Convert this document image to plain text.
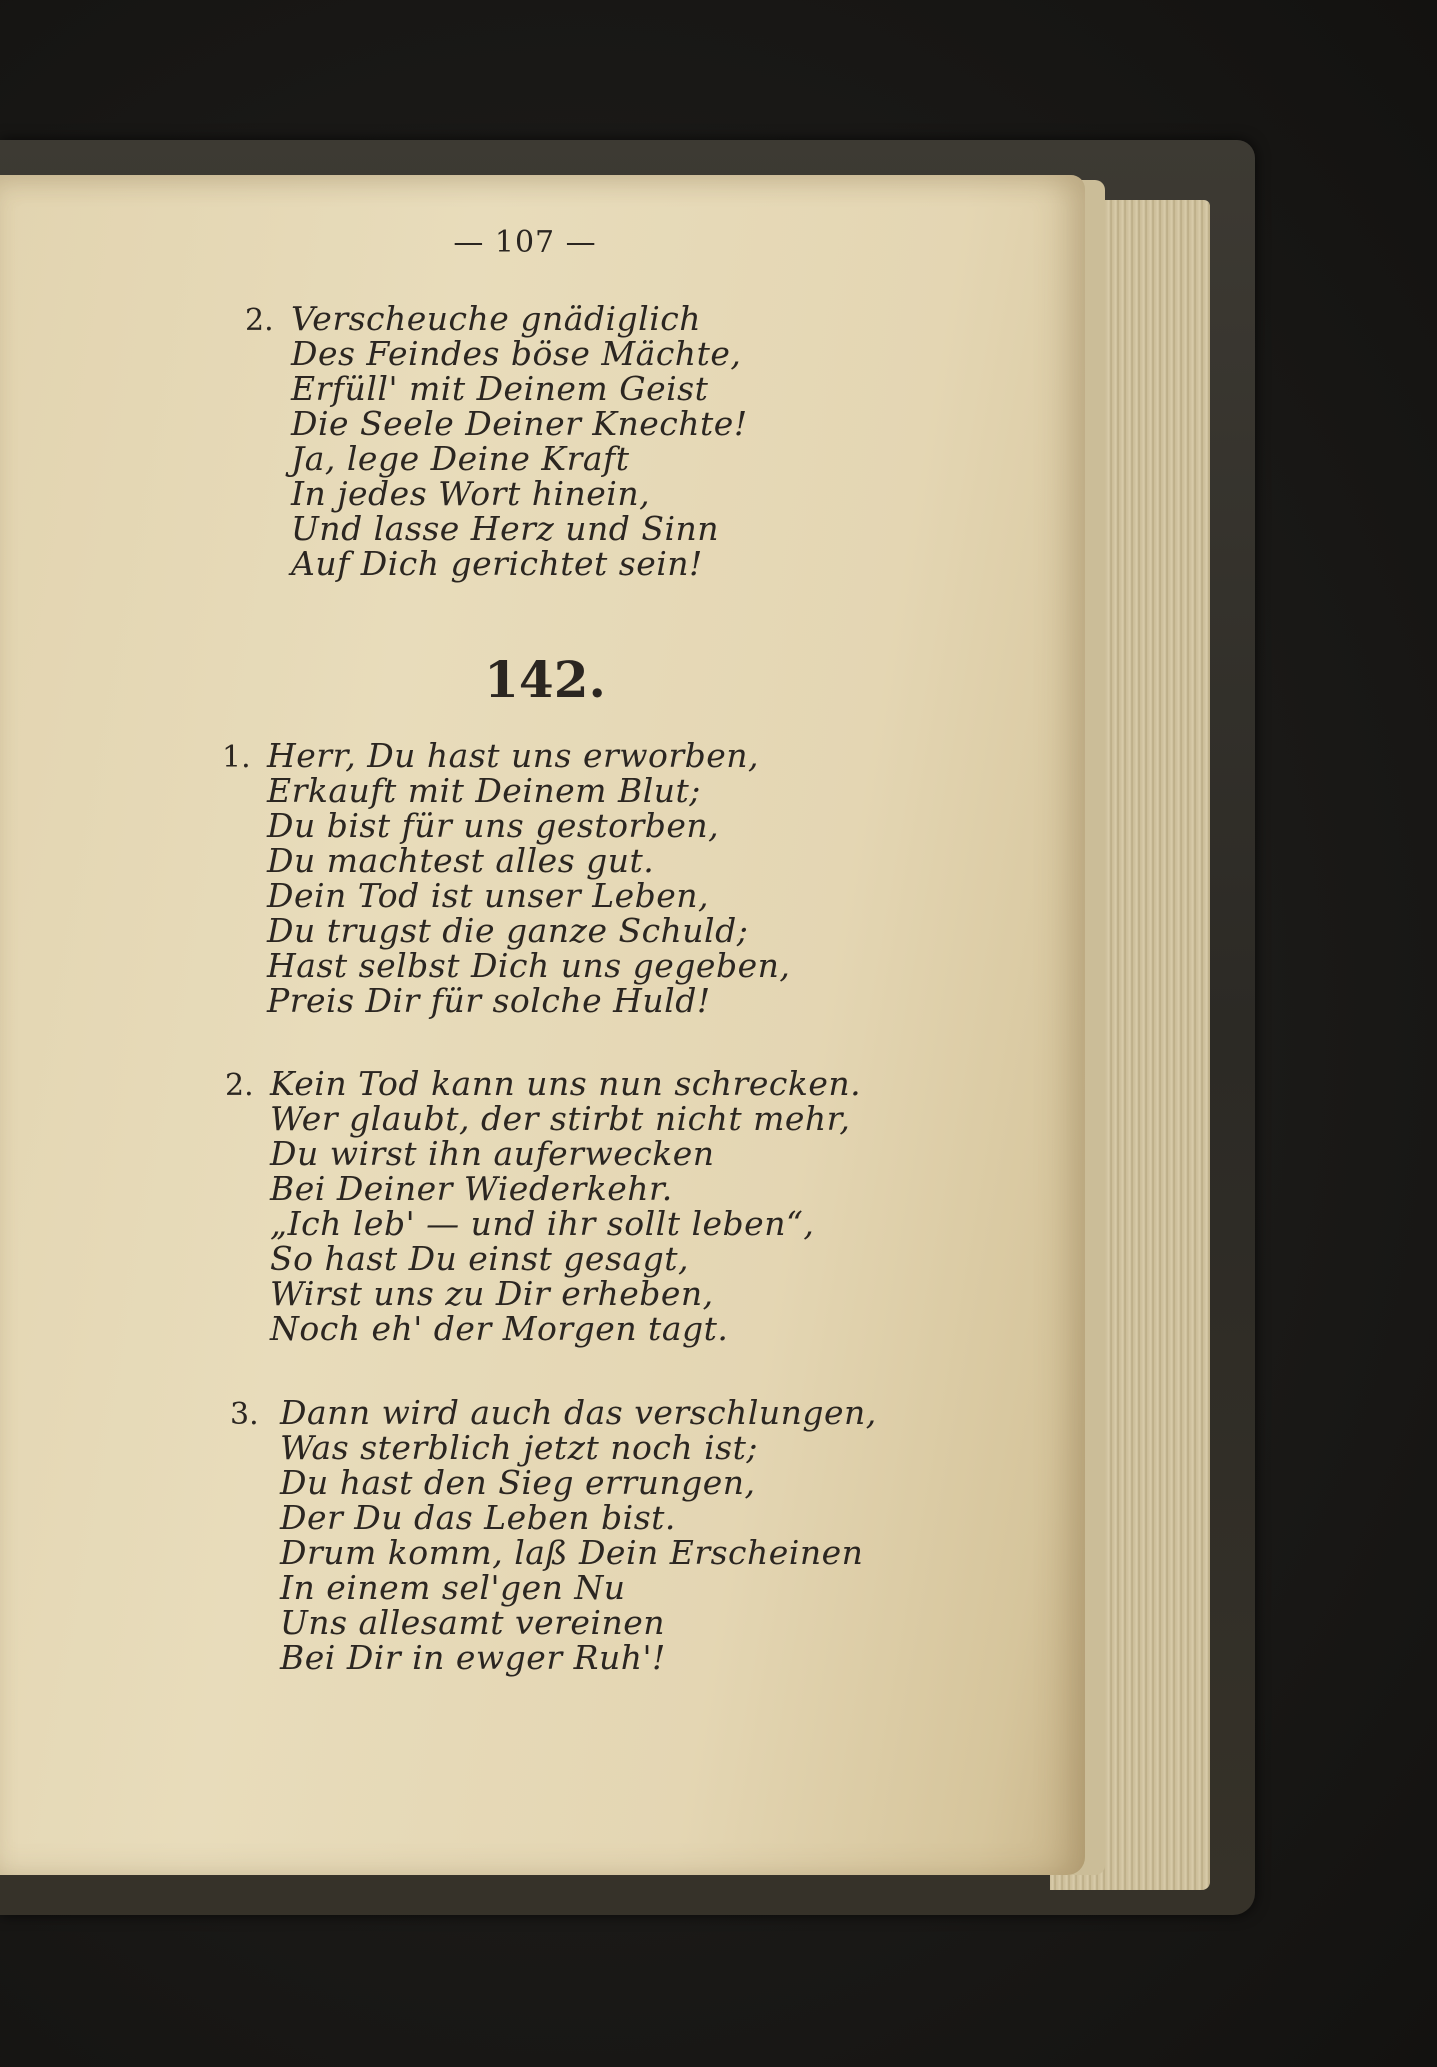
— 107 —
2. Verscheuche gnädiglich
Des Feindes böse Mächte,
Erfüll' mit Deinem Geist
Die Seele Deiner Knechte!
Ja, lege Deine Kraft
In jedes Wort hinein,
Und lasse Herz und Sinn
Auf Dich gerichtet sein!
142.
1. Herr, Du hast uns erworben,
Erkauft mit Deinem Blut;
Du bist für uns gestorben,
Du machtest alles gut.
Dein Tod ist unser Leben,
Du trugst die ganze Schuld;
Hast selbst Dich uns gegeben,
Preis Dir für solche Huld!
2. Kein Tod kann uns nun schrecken.
Wer glaubt, der stirbt nicht mehr,
Du wirst ihn auferwecken
Bei Deiner Wiederkehr.
„Ich leb' — und ihr sollt leben“,
So hast Du einst gesagt,
Wirst uns zu Dir erheben,
Noch eh' der Morgen tagt.
3. Dann wird auch das verschlungen,
Was sterblich jetzt noch ist;
Du hast den Sieg errungen,
Der Du das Leben bist.
Drum komm, laß Dein Erscheinen
In einem sel'gen Nu
Uns allesamt vereinen
Bei Dir in ewger Ruh'!
